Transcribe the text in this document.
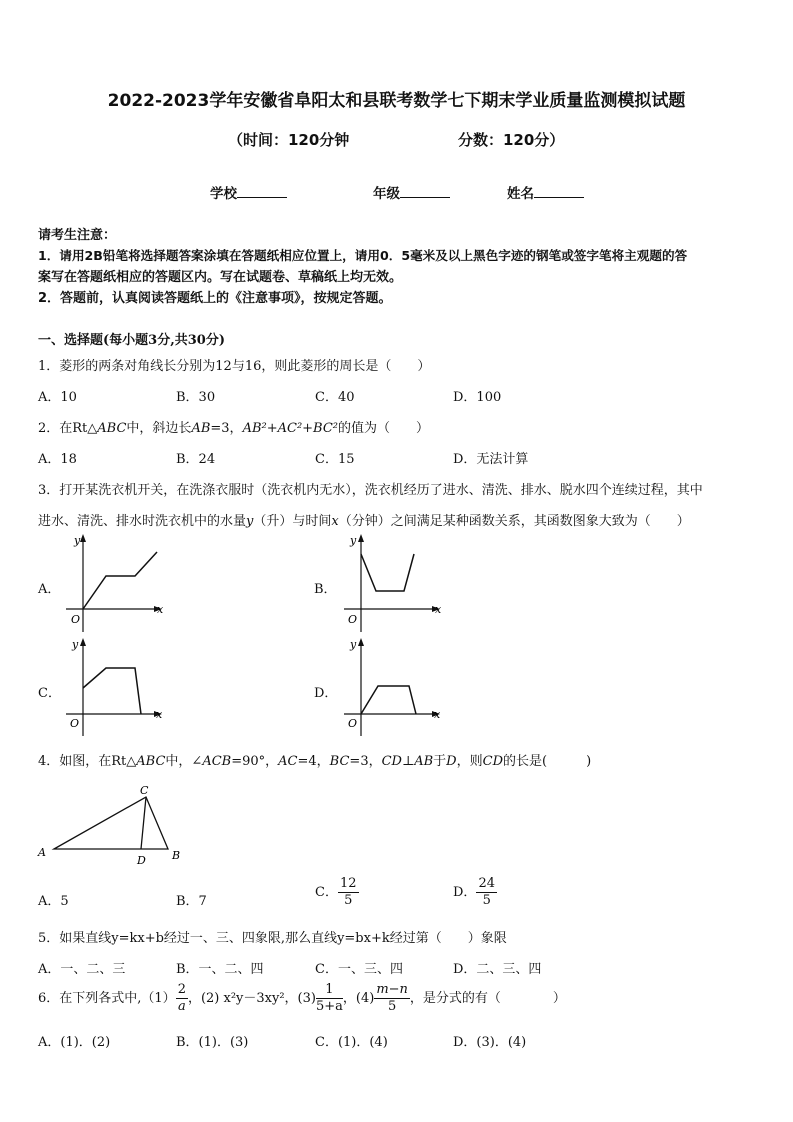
2022-2023学年安徽省阜阳太和县联考数学七下期末学业质量监测模拟试题
（时间：120分钟	分数：120分）
学校	年级	姓名
请考生注意：
1．请用2B铅笔将选择题答案涂填在答题纸相应位置上，请用0．5毫米及以上黑色字迹的钢笔或签字笔将主观题的答
案写在答题纸相应的答题区内。写在试题卷、草稿纸上均无效。
2．答题前，认真阅读答题纸上的《注意事项》，按规定答题。
一、选择题(每小题3分,共30分)
1．菱形的两条对角线长分别为12与16，则此菱形的周长是（　　）
A．10	B．30	C．40	D．100
2．在Rt△ABC中，斜边长AB=3，AB²+AC²+BC²的值为（　　）
A．18	B．24	C．15	D．无法计算
3．打开某洗衣机开关，在洗涤衣服时（洗衣机内无水），洗衣机经历了进水、清洗、排水、脱水四个连续过程，其中
进水、清洗、排水时洗衣机中的水量y（升）与时间x（分钟）之间满足某种函数关系，其函数图象大致为（　　）
A．	B．
C．	D．
y
x
O
y
x
O
y
x
O
y
x
O
4．如图，在Rt△ABC中，∠ACB=90°，AC=4，BC=3，CD⊥AB于D，则CD的长是(　　　)
A
C
D B
A．5	B．7
C． $\frac{12}{5}$	D． $\frac{24}{5}$
5．如果直线y=kx+b经过一、三、四象限,那么直线y=bx+k经过第（　　）象限
A．一、二、三	B．一、二、四	C．一、三、四	D．二、三、四
6．在下列各式中$,(1) \frac{2}{a}$ ，(2) x²y－3xy²，$(3) \frac{1}{5+a}$ ，$(4) \frac{m-n}{5}$ ，是分式的有（　　　　）
A．(1)．(2)	B．(1)．(3)	C．(1)．(4)	D．(3)．(4)
